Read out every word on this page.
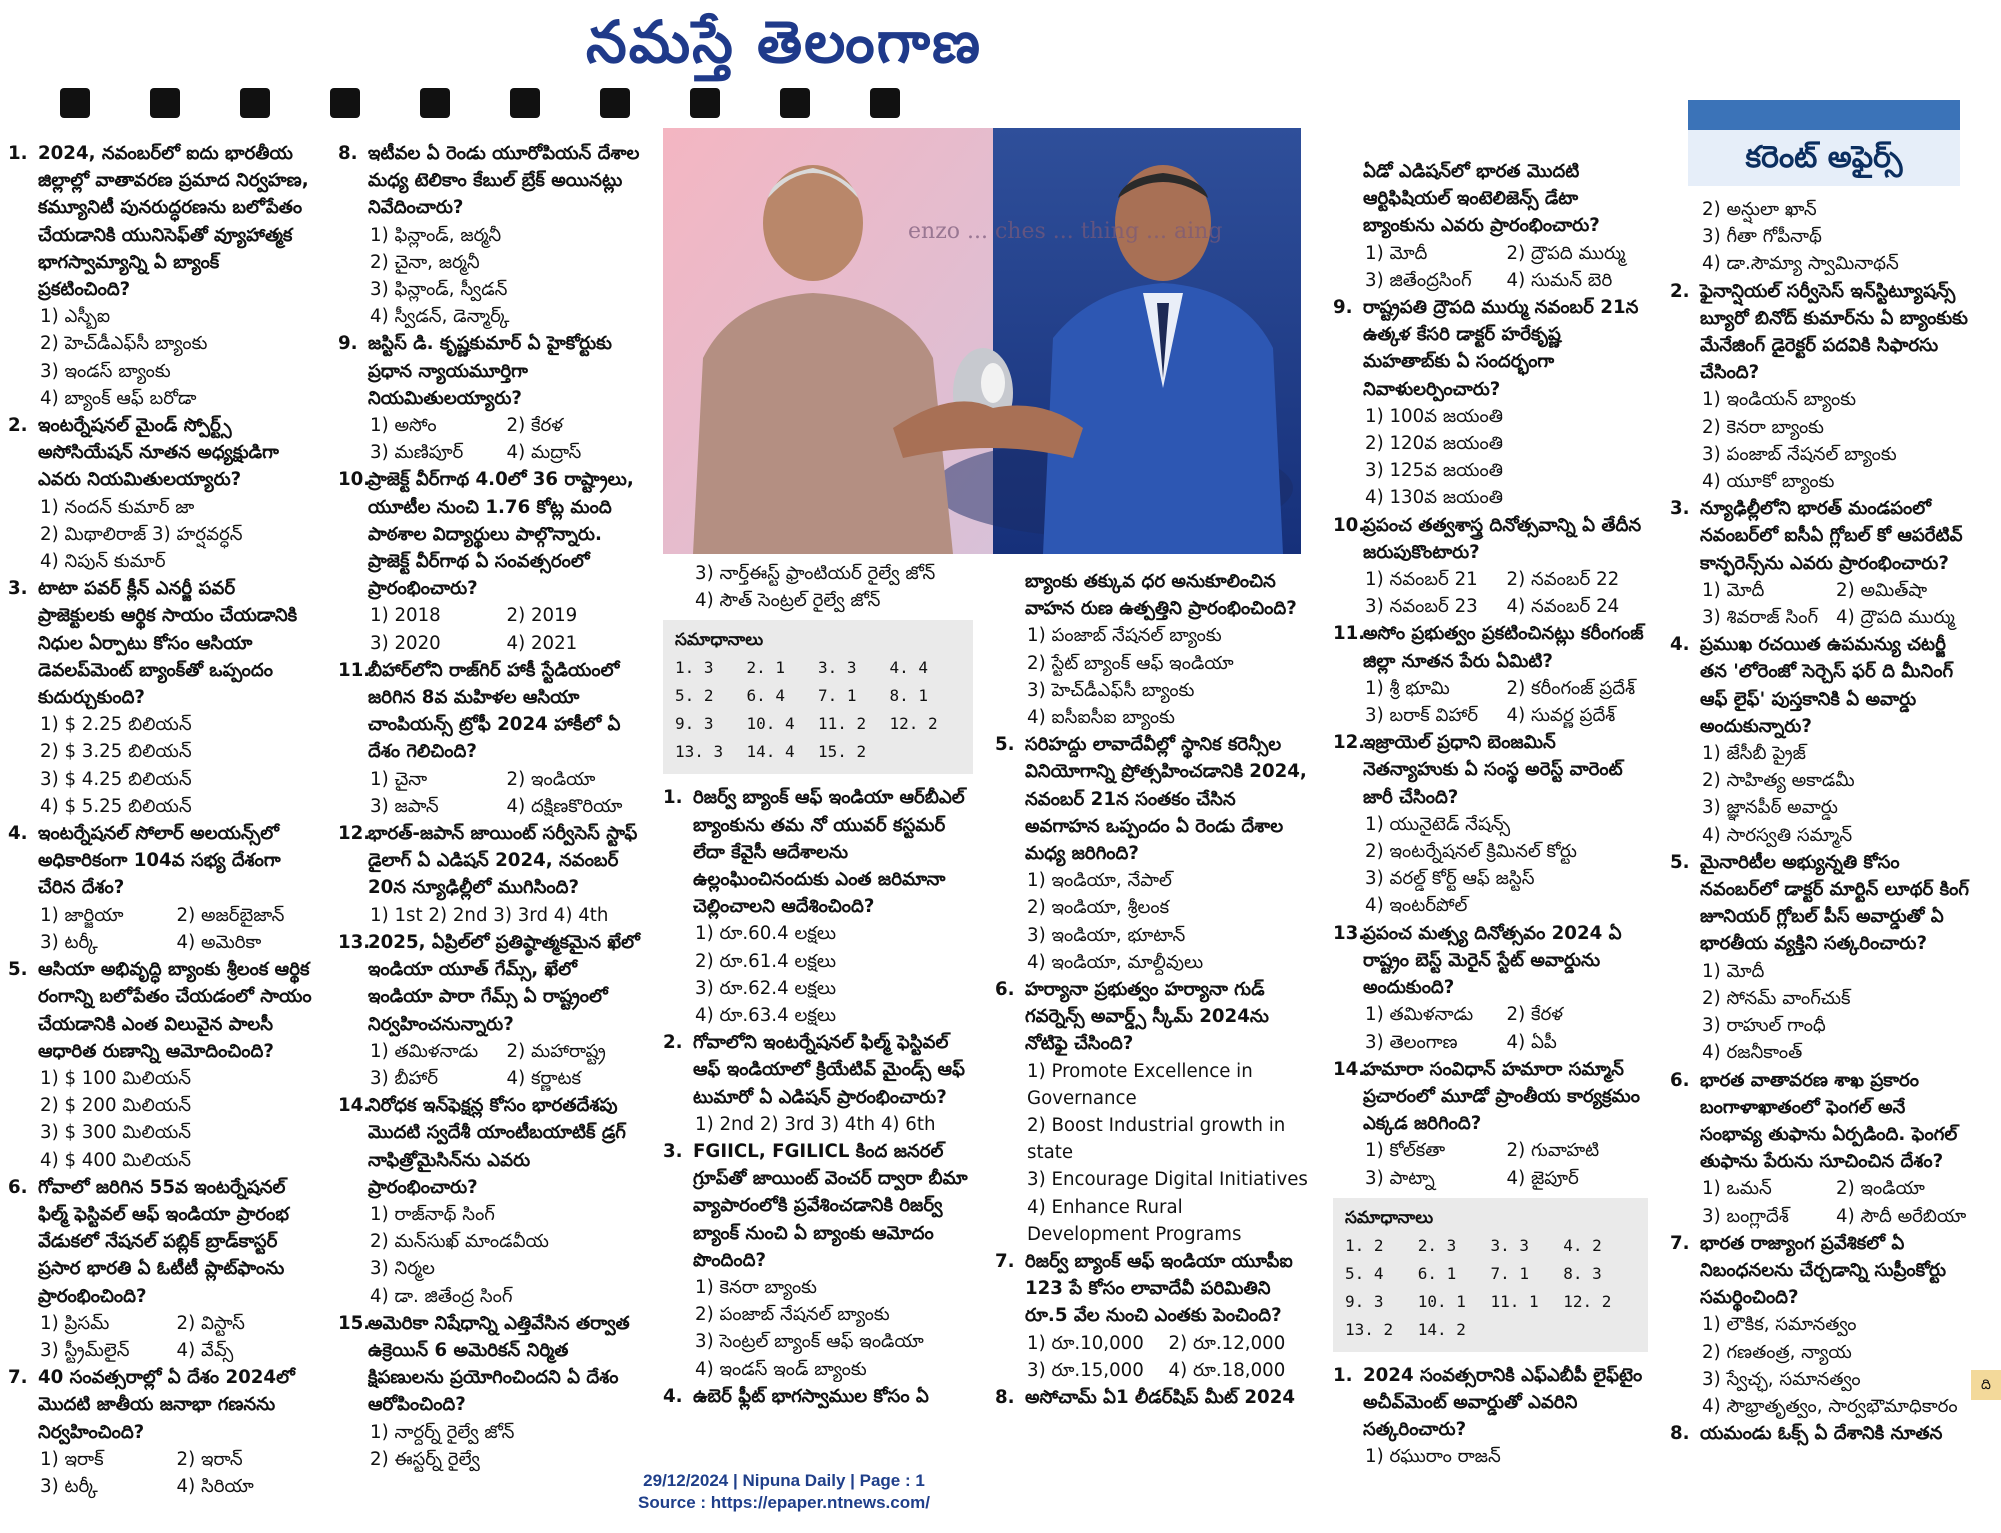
నమస్తే తెలంగాణ
1. 2024, నవంబర్‌లో ఐదు భారతీయ జిల్లాల్లో వాతావరణ ప్రమాద నిర్వహణ, కమ్యూనిటీ పునరుద్ధరణను బలోపేతం చేయడానికి యునిసెఫ్‌తో వ్యూహాత్మక భాగస్వామ్యాన్ని ఏ బ్యాంక్ ప్రకటించింది?
1) ఎస్బీఐ
2) హెచ్‌డీఎఫ్‌సీ బ్యాంకు
3) ఇండస్ బ్యాంకు
4) బ్యాంక్ ఆఫ్ బరోడా
2. ఇంటర్నేషనల్ మైండ్ స్పోర్ట్స్ అసోసియేషన్ నూతన అధ్యక్షుడిగా ఎవరు నియమితులయ్యారు?
1) నందన్ కుమార్ జా
2) మిథాలిరాజ్ 3) హర్షవర్ధన్
4) నిపున్ కుమార్
3. టాటా పవర్ క్లీన్ ఎనర్జీ పవర్ ప్రాజెక్టులకు ఆర్థిక సాయం చేయడానికి నిధుల ఏర్పాటు కోసం ఆసియా డెవలప్‌మెంట్ బ్యాంక్‌తో ఒప్పందం కుదుర్చుకుంది?
1) $ 2.25 బిలియన్
2) $ 3.25 బిలియన్
3) $ 4.25 బిలియన్
4) $ 5.25 బిలియన్
4. ఇంటర్నేషనల్ సోలార్ అలయన్స్‌లో అధికారికంగా 104వ సభ్య దేశంగా చేరిన దేశం?
1) జార్జియా	2) అజర్‌బైజాన్
3) టర్కీ	4) అమెరికా
5. ఆసియా అభివృద్ధి బ్యాంకు శ్రీలంక ఆర్థిక రంగాన్ని బలోపేతం చేయడంలో సాయం చేయడానికి ఎంత విలువైన పాలసీ ఆధారిత రుణాన్ని ఆమోదించింది?
1) $ 100 మిలియన్
2) $ 200 మిలియన్
3) $ 300 మిలియన్
4) $ 400 మిలియన్
6. గోవాలో జరిగిన 55వ ఇంటర్నేషనల్ ఫిల్మ్ ఫెస్టివల్ ఆఫ్ ఇండియా ప్రారంభ వేడుకలో నేషనల్ పబ్లిక్ బ్రాడ్‌కాస్టర్ ప్రసార భారతి ఏ ఓటీటీ ప్లాట్‌ఫాంను ప్రారంభించింది?
1) ప్రిసమ్	2) విస్టాస్
3) స్ట్రీమ్‌లైన్	4) వేవ్స్
7. 40 సంవత్సరాల్లో ఏ దేశం 2024లో మొదటి జాతీయ జనాభా గణనను నిర్వహించింది?
1) ఇరాక్	2) ఇరాన్
3) టర్కీ	4) సిరియా
8. ఇటీవల ఏ రెండు యూరోపియన్ దేశాల మధ్య టెలికాం కేబుల్ బ్రేక్ అయినట్లు నివేదించారు?
1) ఫిన్లాండ్, జర్మనీ
2) చైనా, జర్మనీ
3) ఫిన్లాండ్, స్వీడన్
4) స్వీడన్, డెన్మార్క్
9. జస్టిస్ డి. కృష్ణకుమార్ ఏ హైకోర్టుకు ప్రధాన న్యాయమూర్తిగా నియమితులయ్యారు?
1) అసోం	2) కేరళ
3) మణిపూర్	4) మద్రాస్
10.
ప్రాజెక్ట్ వీర్‌గాథ 4.0లో 36 రాష్ట్రాలు, యూటీల నుంచి 1.76 కోట్ల మంది పాఠశాల విద్యార్థులు పాల్గొన్నారు. ప్రాజెక్ట్ వీర్‌గాథ ఏ సంవత్సరంలో ప్రారంభించారు?
1) 2018	2) 2019
3) 2020	4) 2021
11.
బీహార్‌లోని రాజ్‌గిర్ హాకీ స్టేడియంలో జరిగిన 8వ మహిళల ఆసియా చాంపియన్స్ ట్రోఫీ 2024 హాకీలో ఏ దేశం గెలిచింది?
1) చైనా	2) ఇండియా
3) జపాన్	4) దక్షిణకొరియా
12.
భారత్-జపాన్ జాయింట్ సర్వీసెస్ స్టాఫ్ డైలాగ్ ఏ ఎడిషన్ 2024, నవంబర్ 20న న్యూఢిల్లీలో ముగిసింది?
1) 1st 2) 2nd 3) 3rd 4) 4th
13.
2025, ఏప్రిల్‌లో ప్రతిష్ఠాత్మకమైన ఖేలో ఇండియా యూత్ గేమ్స్, ఖేలో ఇండియా పారా గేమ్స్ ఏ రాష్ట్రంలో నిర్వహించనున్నారు?
1) తమిళనాడు	2) మహారాష్ట్ర
3) బీహార్	4) కర్ణాటక
14.
నిరోధక ఇన్‌ఫెక్షన్ల కోసం భారతదేశపు మొదటి స్వదేశీ యాంటీబయాటిక్ డ్రగ్ నాఫిత్రోమైసిన్‌ను ఎవరు ప్రారంభించారు?
1) రాజ్‌నాథ్ సింగ్
2) మన్‌సుఖ్ మాండవీయ
3) నిర్మల
4) డా. జితేంద్ర సింగ్
15.
అమెరికా నిషేధాన్ని ఎత్తివేసిన తర్వాత ఉక్రెయిన్ 6 అమెరికన్ నిర్మిత క్షిపణులను ప్రయోగించిందని ఏ దేశం ఆరోపించింది?
1) నార్దర్న్ రైల్వే జోన్
2) ఈస్టర్న్ రైల్వే
enzo ... ches ... thing ... aing
3) నార్త్‌ఈస్ట్ ఫ్రాంటియర్ రైల్వే జోన్
4) సౌత్ సెంట్రల్ రైల్వే జోన్
సమాధానాలు
1. 3	2. 1	3. 3	4. 4
5. 2	6. 4	7. 1	8. 1
9. 3	10. 4	11. 2	12. 2
13. 3	14. 4	15. 2
1. రిజర్వ్ బ్యాంక్ ఆఫ్ ఇండియా ఆర్‌బీఎల్ బ్యాంకును తమ నో యువర్ కస్టమర్ లేదా కేవైసీ ఆదేశాలను ఉల్లంఘించినందుకు ఎంత జరిమానా చెల్లించాలని ఆదేశించింది?
1) రూ.60.4 లక్షలు
2) రూ.61.4 లక్షలు
3) రూ.62.4 లక్షలు
4) రూ.63.4 లక్షలు
2. గోవాలోని ఇంటర్నేషనల్ ఫిల్మ్ ఫెస్టివల్ ఆఫ్ ఇండియాలో క్రియేటివ్ మైండ్స్ ఆఫ్ టుమారో ఏ ఎడిషన్ ప్రారంభించారు?
1) 2nd 2) 3rd 3) 4th 4) 6th
3. FGIICL, FGILICL కింద జనరల్ గ్రూప్‌తో జాయింట్ వెంచర్ ద్వారా బీమా వ్యాపారంలోకి ప్రవేశించడానికి రిజర్వ్ బ్యాంక్ నుంచి ఏ బ్యాంకు ఆమోదం పొందింది?
1) కెనరా బ్యాంకు
2) పంజాబ్ నేషనల్ బ్యాంకు
3) సెంట్రల్ బ్యాంక్ ఆఫ్ ఇండియా
4) ఇండస్ ఇండ్ బ్యాంకు
4. ఉబెర్ ఫ్లీట్ భాగస్వాముల కోసం ఏ
బ్యాంకు తక్కువ ధర అనుకూలించిన వాహన రుణ ఉత్పత్తిని ప్రారంభించింది?
1) పంజాబ్ నేషనల్ బ్యాంకు
2) స్టేట్ బ్యాంక్ ఆఫ్ ఇండియా
3) హెచ్‌డీఎఫ్‌సీ బ్యాంకు
4) ఐసీఐసీఐ బ్యాంకు
5. సరిహద్దు లావాదేవీల్లో స్థానిక కరెన్సీల వినియోగాన్ని ప్రోత్సహించడానికి 2024, నవంబర్ 21న సంతకం చేసిన అవగాహన ఒప్పందం ఏ రెండు దేశాల మధ్య జరిగింది?
1) ఇండియా, నేపాల్
2) ఇండియా, శ్రీలంక
3) ఇండియా, భూటాన్
4) ఇండియా, మాల్దీవులు
6. హర్యానా ప్రభుత్వం హర్యానా గుడ్ గవర్నెన్స్ అవార్డ్స్ స్కీమ్ 2024ను నోటిఫై చేసింది?
1) Promote Excellence in Governance
2) Boost Industrial growth in state
3) Encourage Digital Initiatives
4) Enhance Rural Development Programs
7. రిజర్వ్ బ్యాంక్ ఆఫ్ ఇండియా యూపీఐ 123 పే కోసం లావాదేవీ పరిమితిని రూ.5 వేల నుంచి ఎంతకు పెంచింది?
1) రూ.10,000	2) రూ.12,000
3) రూ.15,000	4) రూ.18,000
8. అసోచామ్ ఏ1 లీడర్‌షిప్ మీట్ 2024
ఏడో ఎడిషన్‌లో భారత మొదటి ఆర్టిఫిషియల్ ఇంటెలిజెన్స్ డేటా బ్యాంకును ఎవరు ప్రారంభించారు?
1) మోదీ	2) ద్రౌపది ముర్ము
3) జితేంద్రసింగ్	4) సుమన్ బెరి
9. రాష్ట్రపతి ద్రౌపది ముర్ము నవంబర్ 21న ఉత్కళ కేసరి డాక్టర్ హరేకృష్ణ మహతాబ్‌కు ఏ సందర్భంగా నివాళులర్పించారు?
1) 100వ జయంతి
2) 120వ జయంతి
3) 125వ జయంతి
4) 130వ జయంతి
10.
ప్రపంచ తత్వశాస్త్ర దినోత్సవాన్ని ఏ తేదీన జరుపుకొంటారు?
1) నవంబర్ 21	2) నవంబర్ 22
3) నవంబర్ 23	4) నవంబర్ 24
11.
అసోం ప్రభుత్వం ప్రకటించినట్లు కరీంగంజ్ జిల్లా నూతన పేరు ఏమిటి?
1) శ్రీ భూమి	2) కరీంగంజ్ ప్రదేశ్
3) బరాక్ విహార్	4) సువర్ణ ప్రదేశ్
12.
ఇజ్రాయెల్ ప్రధాని బెంజమిన్ నెతన్యాహుకు ఏ సంస్థ అరెస్ట్ వారెంట్ జారీ చేసింది?
1) యునైటెడ్ నేషన్స్
2) ఇంటర్నేషనల్ క్రిమినల్ కోర్టు
3) వరల్డ్ కోర్ట్ ఆఫ్ జస్టిస్
4) ఇంటర్‌పోల్
13.
ప్రపంచ మత్స్య దినోత్సవం 2024 ఏ రాష్ట్రం బెస్ట్ మెరైన్ స్టేట్ అవార్డును అందుకుంది?
1) తమిళనాడు	2) కేరళ
3) తెలంగాణ	4) ఏపీ
14.
హమారా సంవిధాన్ హమారా సమ్మాన్ ప్రచారంలో మూడో ప్రాంతీయ కార్యక్రమం ఎక్కడ జరిగింది?
1) కోల్‌కతా	2) గువాహటి
3) పాట్నా	4) జైపూర్
సమాధానాలు
1. 2	2. 3	3. 3	4. 2
5. 4	6. 1	7. 1	8. 3
9. 3	10. 1	11. 1	12. 2
13. 2	14. 2
1. 2024 సంవత్సరానికి ఎఫ్ఎబీపీ లైఫ్‌టైం అచీవ్‌మెంట్ అవార్డుతో ఎవరిని సత్కరించారు?
1) రఘురాం రాజన్
కరెంట్ అఫైర్స్
2) అన్షులా ఖాన్
3) గీతా గోపీనాథ్
4) డా.సౌమ్యా స్వామినాథన్
2. ఫైనాన్షియల్ సర్వీసెస్ ఇన్‌స్టిట్యూషన్స్ బ్యూరో బినోద్ కుమార్‌ను ఏ బ్యాంకుకు మేనేజింగ్ డైరెక్టర్ పదవికి సిఫారసు చేసింది?
1) ఇండియన్ బ్యాంకు
2) కెనరా బ్యాంకు
3) పంజాబ్ నేషనల్ బ్యాంకు
4) యూకో బ్యాంకు
3. న్యూఢిల్లీలోని భారత్ మండపంలో నవంబర్‌లో ఐసీఏ గ్లోబల్ కో ఆపరేటివ్ కాన్ఫరెన్స్‌ను ఎవరు ప్రారంభించారు?
1) మోదీ	2) అమిత్‌షా
3) శివరాజ్ సింగ్ 4) ద్రౌపది ముర్ము
4. ప్రముఖ రచయిత ఉపమన్యు చటర్జీ తన 'లోరెంజో సెర్చెస్ ఫర్ ది మీనింగ్ ఆఫ్ లైఫ్' పుస్తకానికి ఏ అవార్డు అందుకున్నారు?
1) జేసీబీ ప్రైజ్
2) సాహిత్య అకాడమీ
3) జ్ఞానపీఠ్ అవార్డు
4) సారస్వతి సమ్మాన్
5. మైనారిటీల అభ్యున్నతి కోసం నవంబర్‌లో డాక్టర్ మార్టిన్ లూథర్ కింగ్ జూనియర్ గ్లోబల్ పీస్ అవార్డుతో ఏ భారతీయ వ్యక్తిని సత్కరించారు?
1) మోదీ
2) సోనమ్ వాంగ్‌చుక్
3) రాహుల్ గాంధీ
4) రజనీకాంత్
6. భారత వాతావరణ శాఖ ప్రకారం బంగాళాఖాతంలో ఫెంగల్ అనే సంభావ్య తుఫాను ఏర్పడింది. ఫెంగల్ తుఫాను పేరును సూచించిన దేశం?
1) ఒమన్	2) ఇండియా
3) బంగ్లాదేశ్	4) సౌదీ అరేబియా
7. భారత రాజ్యాంగ ప్రవేశికలో ఏ నిబంధనలను చేర్చడాన్ని సుప్రీంకోర్టు సమర్థించింది?
1) లౌకిక, సమానత్వం
2) గణతంత్ర, న్యాయ
3) స్వేచ్ఛ, సమానత్వం
4) సౌభ్రాతృత్వం, సార్వభౌమాధికారం
8. యమండు ఓక్స్ ఏ దేశానికి నూతన
ది
29/12/2024 | Nipuna Daily | Page : 1
Source : https://epaper.ntnews.com/
